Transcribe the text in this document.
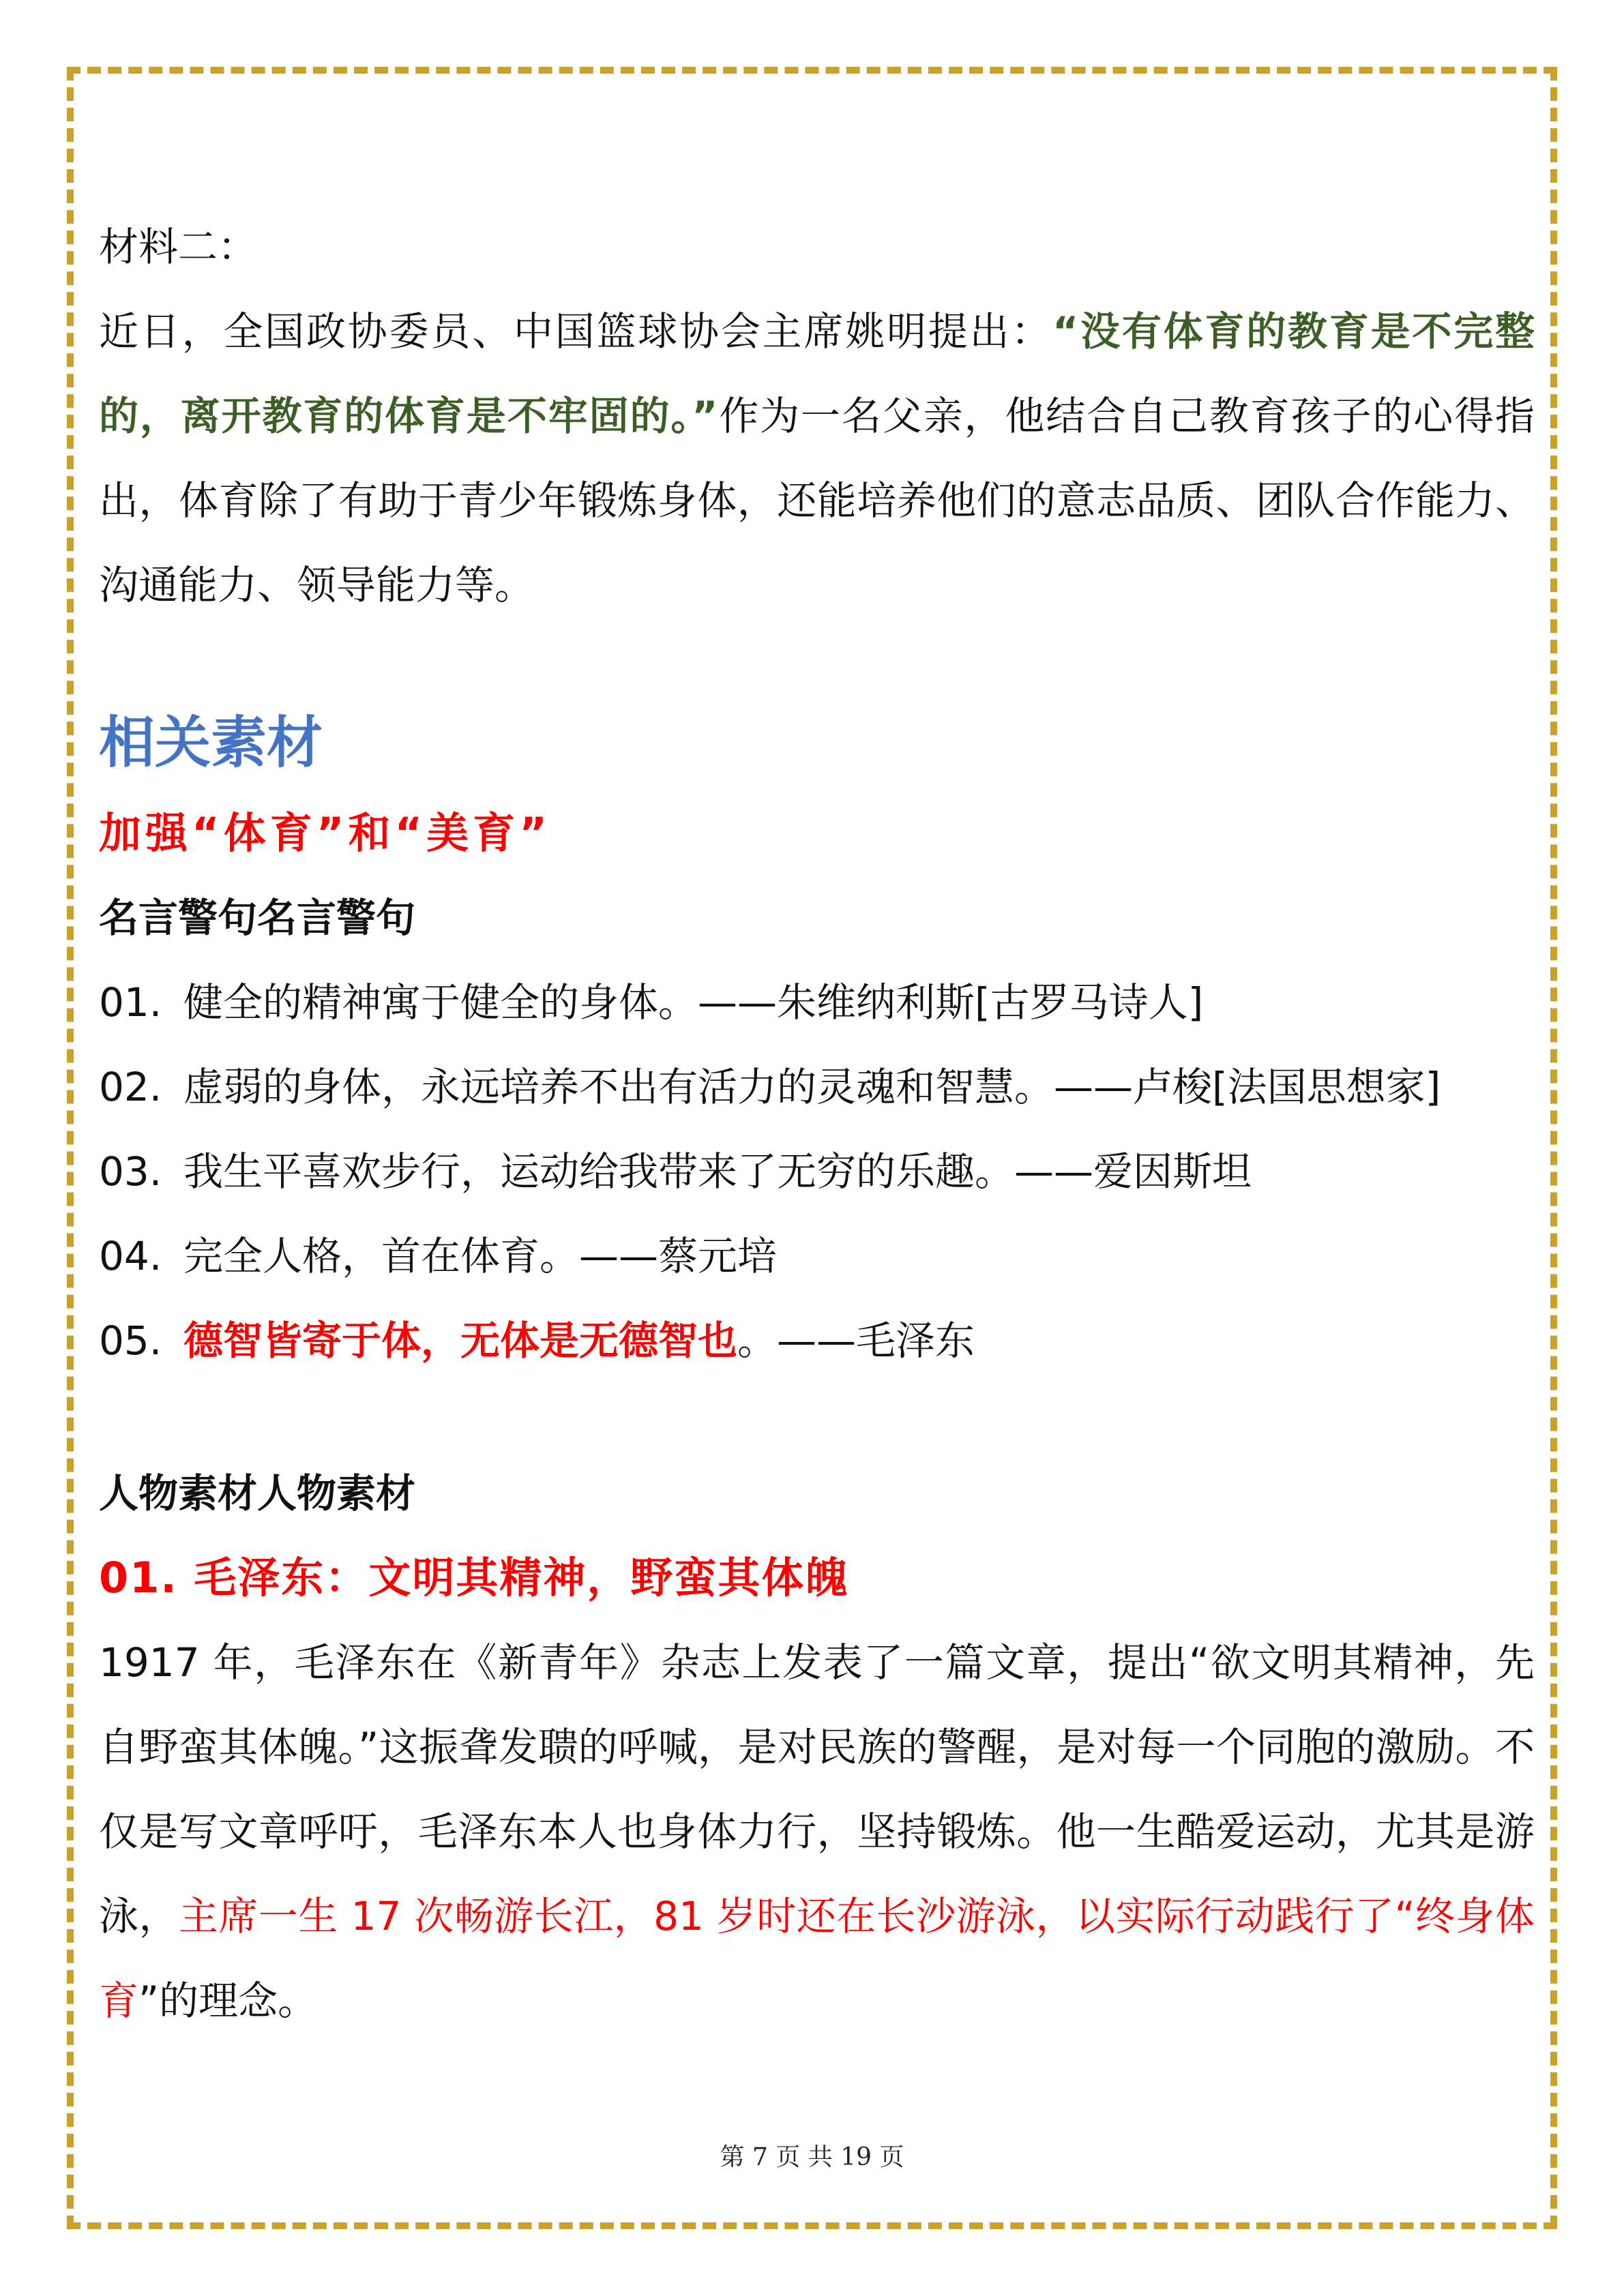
材料二：
近日，全国政协委员、中国篮球协会主席姚明提出：“没有体育的教育是不完整的，离开教育的体育是不牢固的。”作为一名父亲，他结合自己教育孩子的心得指出，体育除了有助于青少年锻炼身体，还能培养他们的意志品质、团队合作能力、沟通能力、领导能力等。
相关素材
加强“体育”和“美育”
名言警句名言警句
01. 健全的精神寓于健全的身体。——朱维纳利斯[古罗马诗人]
02. 虚弱的身体，永远培养不出有活力的灵魂和智慧。——卢梭[法国思想家]
03. 我生平喜欢步行，运动给我带来了无穷的乐趣。——爱因斯坦
04. 完全人格，首在体育。——蔡元培
05. 德智皆寄于体，无体是无德智也。——毛泽东
人物素材人物素材
01. 毛泽东：文明其精神，野蛮其体魄
1917 年，毛泽东在《新青年》杂志上发表了一篇文章，提出“欲文明其精神，先自野蛮其体魄。”这振聋发聩的呼喊，是对民族的警醒，是对每一个同胞的激励。不仅是写文章呼吁，毛泽东本人也身体力行，坚持锻炼。他一生酷爱运动，尤其是游泳，主席一生 17 次畅游长江，81 岁时还在长沙游泳，以实际行动践行了“终身体育”的理念。
第 7 页 共 19 页
